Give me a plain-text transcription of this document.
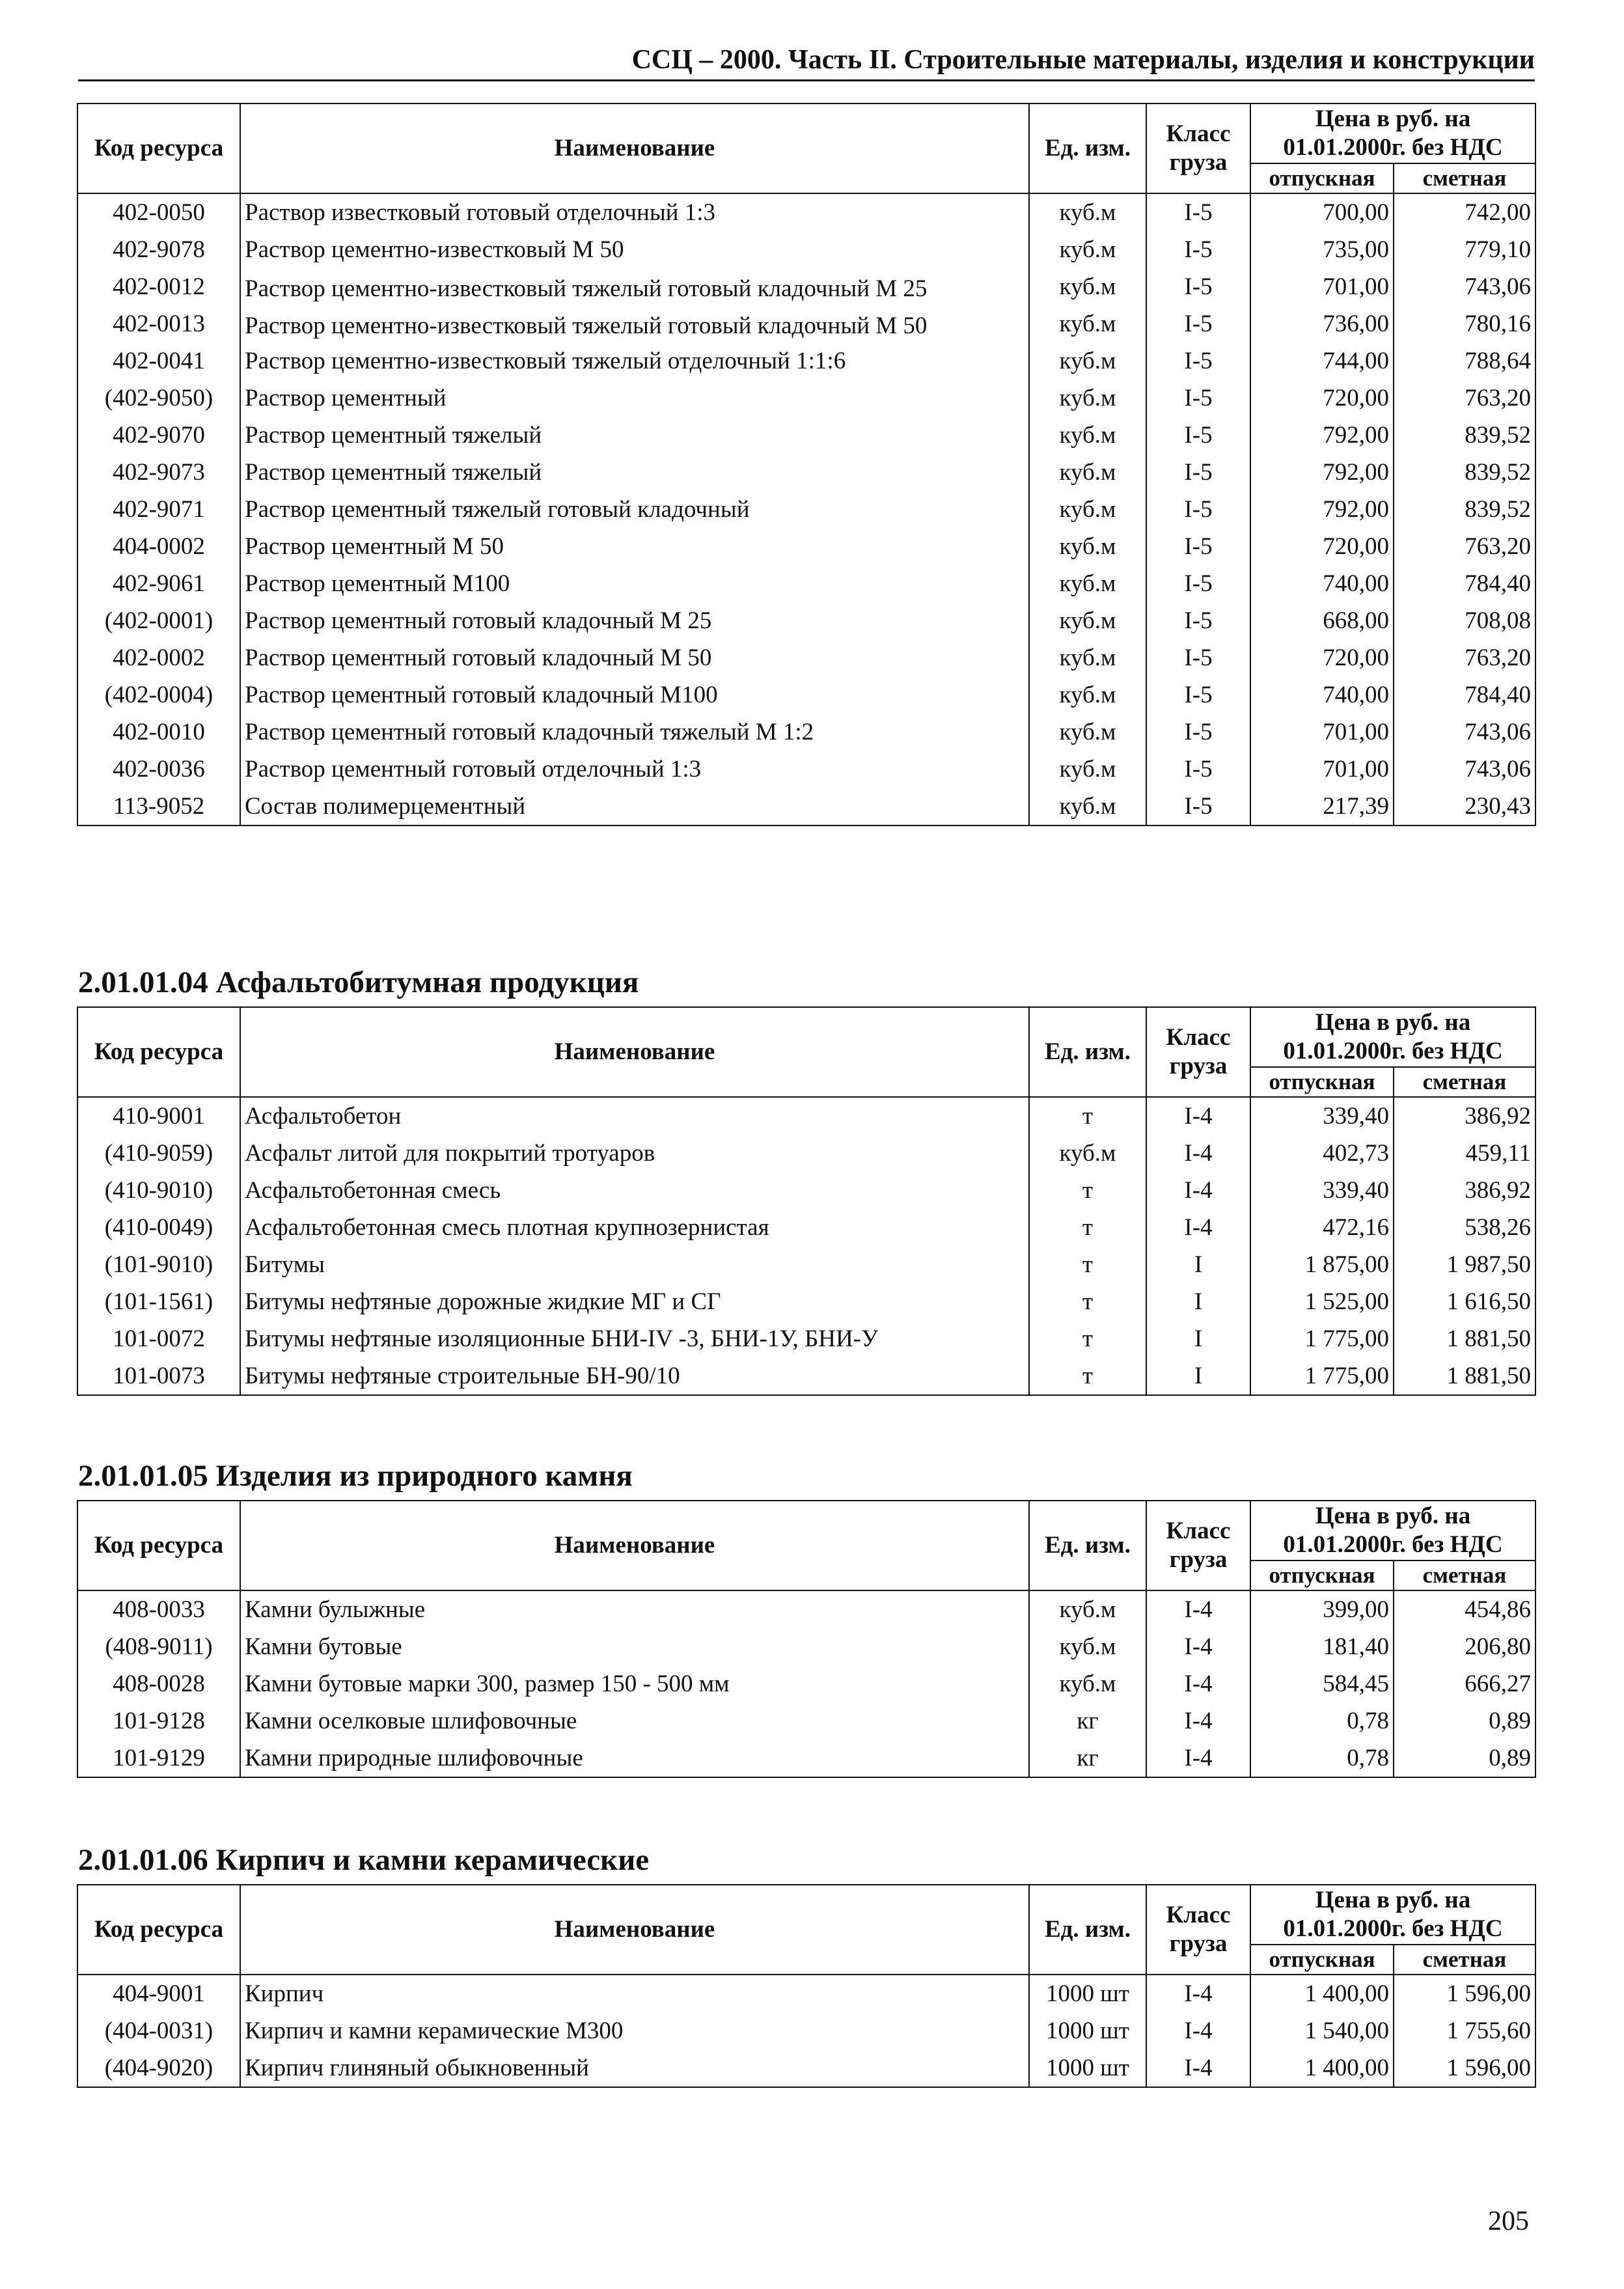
ССЦ – 2000. Часть II. Строительные материалы, изделия и конструкции
Код ресурса	Наименование	Ед. изм.	Класс груза	Цена в руб. на 01.01.2000г. без НДС	
				отпускная	сметная
402-0050	Раствор известковый готовый отделочный 1:3	куб.м	I-5	700,00	742,00
402-9078	Раствор цементно-известковый М 50	куб.м	I-5	735,00	779,10
402-0012	Раствор цементно-известковый тяжелый готовый кладочный М 25	куб.м	I-5	701,00	743,06
402-0013	Раствор цементно-известковый тяжелый готовый кладочный М 50	куб.м	I-5	736,00	780,16
402-0041	Раствор цементно-известковый тяжелый отделочный 1:1:6	куб.м	I-5	744,00	788,64
(402-9050)	Раствор цементный	куб.м	I-5	720,00	763,20
402-9070	Раствор цементный тяжелый	куб.м	I-5	792,00	839,52
402-9073	Раствор цементный тяжелый	куб.м	I-5	792,00	839,52
402-9071	Раствор цементный тяжелый готовый кладочный	куб.м	I-5	792,00	839,52
404-0002	Раствор цементный М 50	куб.м	I-5	720,00	763,20
402-9061	Раствор цементный М100	куб.м	I-5	740,00	784,40
(402-0001)	Раствор цементный готовый кладочный М 25	куб.м	I-5	668,00	708,08
402-0002	Раствор цементный готовый кладочный М 50	куб.м	I-5	720,00	763,20
(402-0004)	Раствор цементный готовый кладочный М100	куб.м	I-5	740,00	784,40
402-0010	Раствор цементный готовый кладочный тяжелый М 1:2	куб.м	I-5	701,00	743,06
402-0036	Раствор цементный готовый отделочный 1:3	куб.м	I-5	701,00	743,06
113-9052	Состав полимерцементный	куб.м	I-5	217,39	230,43
2.01.01.04 Асфальтобитумная продукция
Код ресурса	Наименование	Ед. изм.	Класс груза	Цена в руб. на 01.01.2000г. без НДС	
				отпускная	сметная
410-9001	Асфальтобетон	т	I-4	339,40	386,92
(410-9059)	Асфальт литой для покрытий тротуаров	куб.м	I-4	402,73	459,11
(410-9010)	Асфальтобетонная смесь	т	I-4	339,40	386,92
(410-0049)	Асфальтобетонная смесь плотная крупнозернистая	т	I-4	472,16	538,26
(101-9010)	Битумы	т	I	1 875,00	1 987,50
(101-1561)	Битумы нефтяные дорожные жидкие МГ и СГ	т	I	1 525,00	1 616,50
101-0072	Битумы нефтяные изоляционные БНИ-IV -3, БНИ-1У, БНИ-У	т	I	1 775,00	1 881,50
101-0073	Битумы нефтяные строительные БН-90/10	т	I	1 775,00	1 881,50
2.01.01.05 Изделия из природного камня
Код ресурса	Наименование	Ед. изм.	Класс груза	Цена в руб. на 01.01.2000г. без НДС	
				отпускная	сметная
408-0033	Камни булыжные	куб.м	I-4	399,00	454,86
(408-9011)	Камни бутовые	куб.м	I-4	181,40	206,80
408-0028	Камни бутовые марки 300, размер 150 - 500 мм	куб.м	I-4	584,45	666,27
101-9128	Камни оселковые шлифовочные	кг	I-4	0,78	0,89
101-9129	Камни природные шлифовочные	кг	I-4	0,78	0,89
2.01.01.06 Кирпич и камни керамические
Код ресурса	Наименование	Ед. изм.	Класс груза	Цена в руб. на 01.01.2000г. без НДС	
				отпускная	сметная
404-9001	Кирпич	1000 шт	I-4	1 400,00	1 596,00
(404-0031)	Кирпич и камни керамические М300	1000 шт	I-4	1 540,00	1 755,60
(404-9020)	Кирпич глиняный обыкновенный	1000 шт	I-4	1 400,00	1 596,00
205
